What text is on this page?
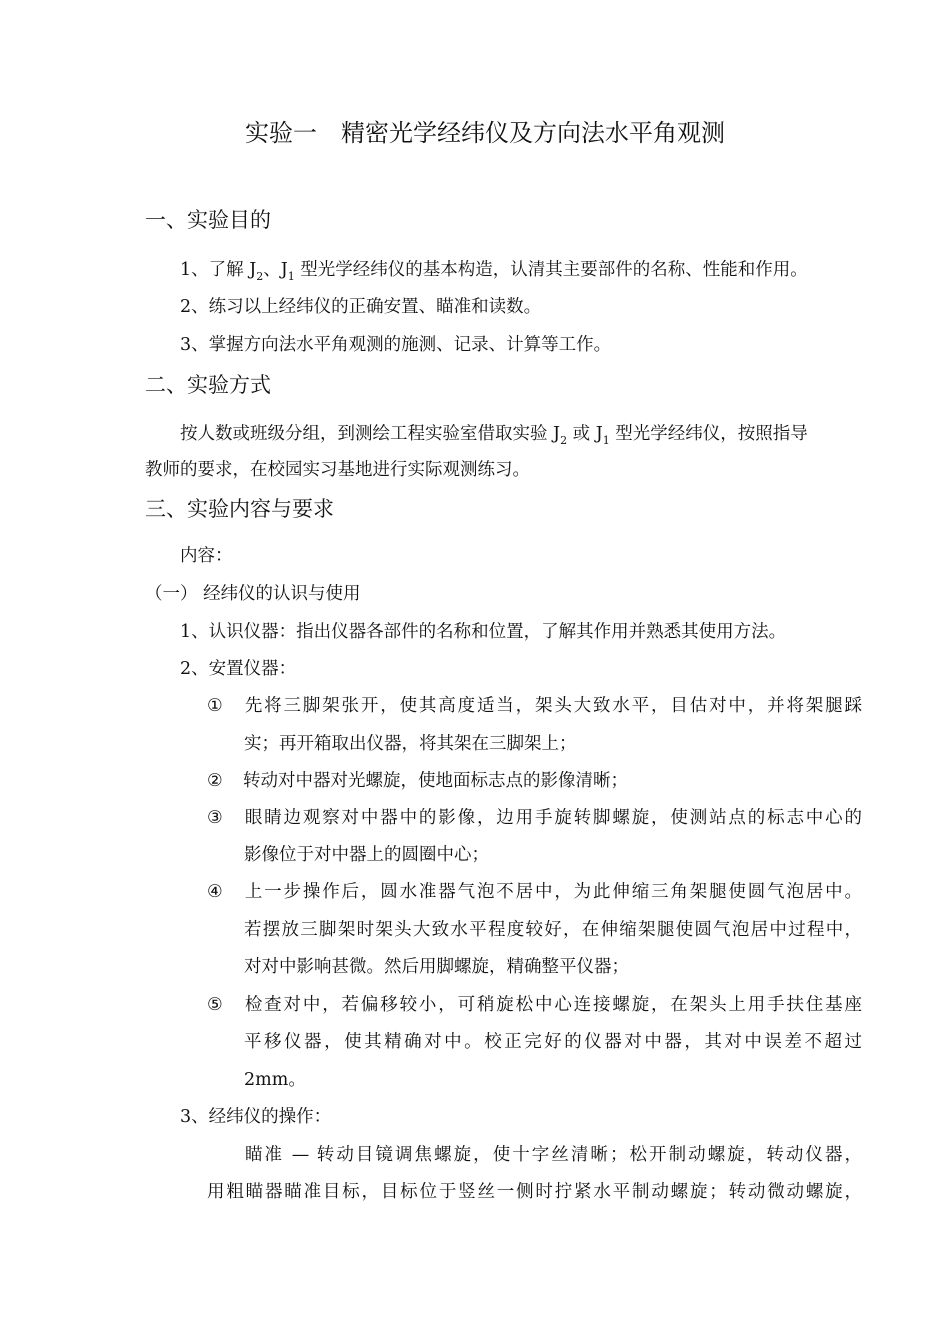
实验一　精密光学经纬仪及方向法水平角观测
一、实验目的
1、了解 $J_2$、$J_1$ 型光学经纬仪的基本构造，认清其主要部件的名称、性能和作用。
2、练习以上经纬仪的正确安置、瞄准和读数。
3、掌握方向法水平角观测的施测、记录、计算等工作。
二、实验方式
按人数或班级分组，到测绘工程实验室借取实验 $J_2$ 或 $J_1$ 型光学经纬仪，按照指导
教师的要求，在校园实习基地进行实际观测练习。
三、实验内容与要求
内容：
（一） 经纬仪的认识与使用
1、认识仪器：指出仪器各部件的名称和位置，了解其作用并熟悉其使用方法。
2、安置仪器：
① 先将三脚架张开，使其高度适当，架头大致水平，目估对中，并将架腿踩
实；再开箱取出仪器，将其架在三脚架上；
② 转动对中器对光螺旋，使地面标志点的影像清晰；
③ 眼睛边观察对中器中的影像，边用手旋转脚螺旋，使测站点的标志中心的
影像位于对中器上的圆圈中心；
④ 上一步操作后，圆水准器气泡不居中，为此伸缩三角架腿使圆气泡居中。
若摆放三脚架时架头大致水平程度较好，在伸缩架腿使圆气泡居中过程中，
对对中影响甚微。然后用脚螺旋，精确整平仪器；
⑤ 检查对中，若偏移较小，可稍旋松中心连接螺旋，在架头上用手扶住基座
平移仪器，使其精确对中。校正完好的仪器对中器，其对中误差不超过
2mm。
3、经纬仪的操作：
瞄准 — 转动目镜调焦螺旋，使十字丝清晰；松开制动螺旋，转动仪器，
用粗瞄器瞄准目标，目标位于竖丝一侧时拧紧水平制动螺旋；转动微动螺旋，
